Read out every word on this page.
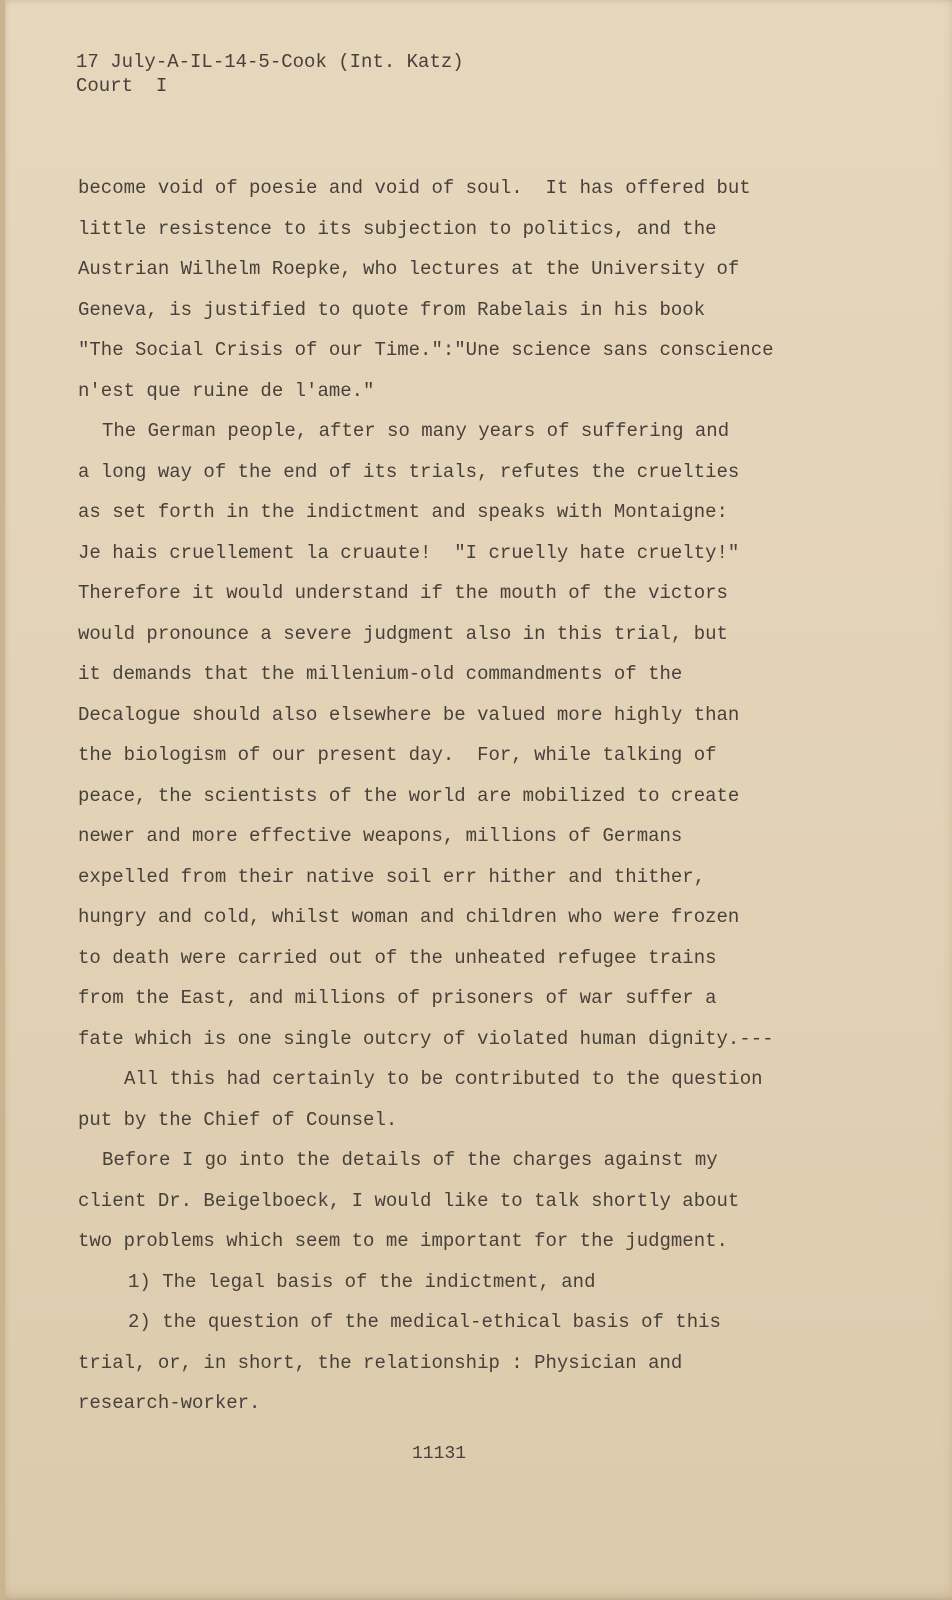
17 July-A-IL-14-5-Cook (Int. Katz)
Court  I
become void of poesie and void of soul.  It has offered but
little resistence to its subjection to politics, and the
Austrian Wilhelm Roepke, who lectures at the University of
Geneva, is justified to quote from Rabelais in his book
"The Social Crisis of our Time.":"Une science sans conscience
n'est que ruine de l'ame."
The German people, after so many years of suffering and
a long way of the end of its trials, refutes the cruelties
as set forth in the indictment and speaks with Montaigne:
Je hais cruellement la cruaute!  "I cruelly hate cruelty!"
Therefore it would understand if the mouth of the victors
would pronounce a severe judgment also in this trial, but
it demands that the millenium-old commandments of the
Decalogue should also elsewhere be valued more highly than
the biologism of our present day.  For, while talking of
peace, the scientists of the world are mobilized to create
newer and more effective weapons, millions of Germans
expelled from their native soil err hither and thither,
hungry and cold, whilst woman and children who were frozen
to death were carried out of the unheated refugee trains
from the East, and millions of prisoners of war suffer a
fate which is one single outcry of violated human dignity.---
All this had certainly to be contributed to the question
put by the Chief of Counsel.
Before I go into the details of the charges against my
client Dr. Beigelboeck, I would like to talk shortly about
two problems which seem to me important for the judgment.
1) The legal basis of the indictment, and
2) the question of the medical-ethical basis of this
trial, or, in short, the relationship : Physician and
research-worker.
11131
